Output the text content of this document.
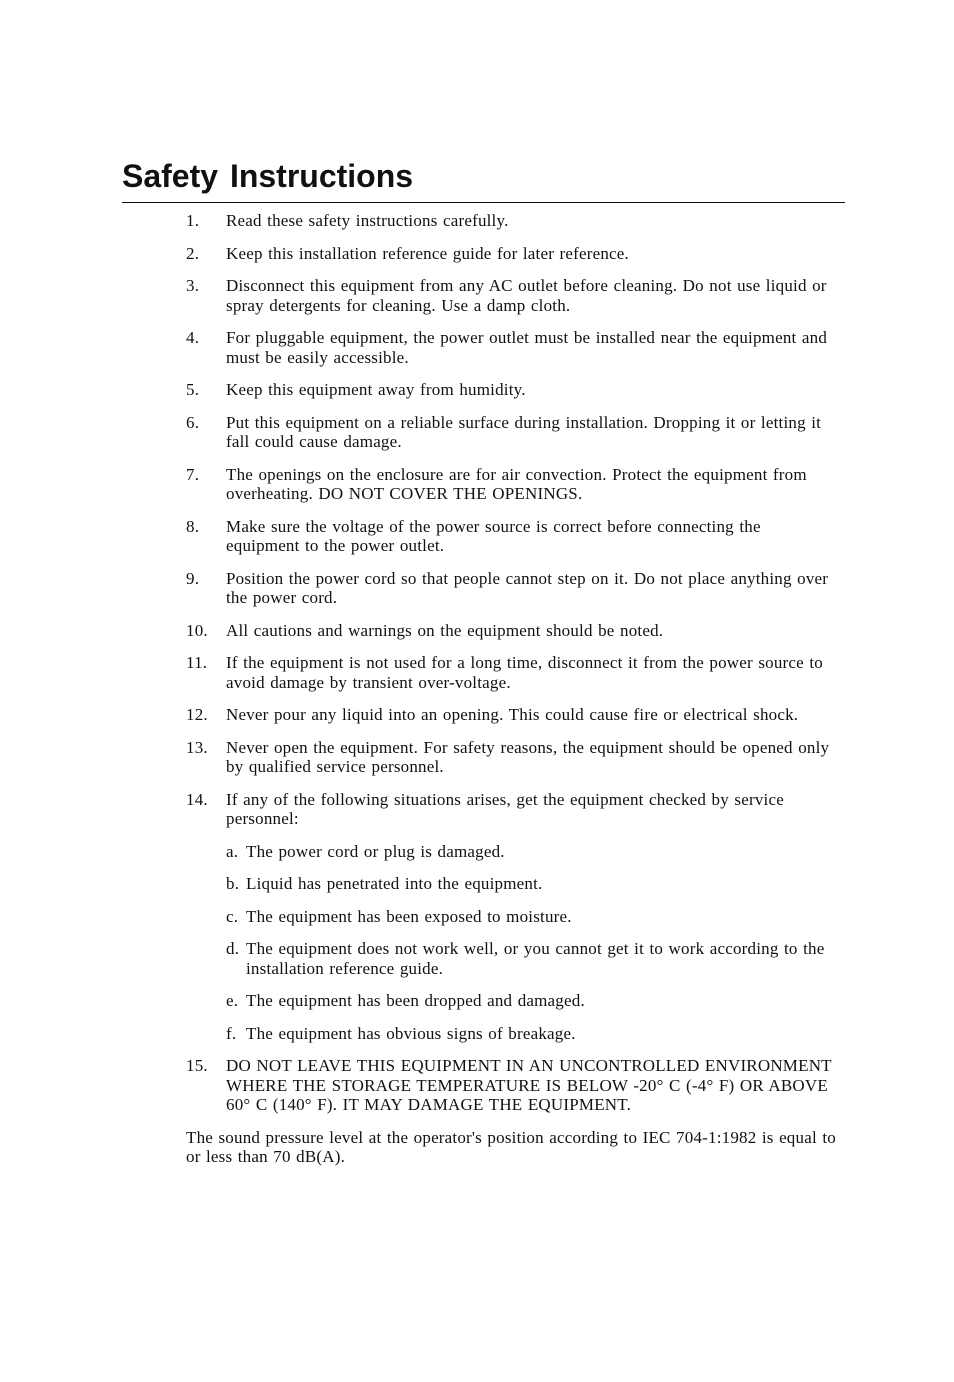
Safety Instructions
1. Read these safety instructions carefully.
2. Keep this installation reference guide for later reference.
3. Disconnect this equipment from any AC outlet before cleaning. Do not use liquid or spray detergents for cleaning. Use a damp cloth.
4. For pluggable equipment, the power outlet must be installed near the equipment and must be easily accessible.
5. Keep this equipment away from humidity.
6. Put this equipment on a reliable surface during installation. Dropping it or letting it fall could cause damage.
7. The openings on the enclosure are for air convection. Protect the equipment from overheating. DO NOT COVER THE OPENINGS.
8. Make sure the voltage of the power source is correct before connecting the equipment to the power outlet.
9. Position the power cord so that people cannot step on it. Do not place anything over the power cord.
10. All cautions and warnings on the equipment should be noted.
11. If the equipment is not used for a long time, disconnect it from the power source to avoid damage by transient over-voltage.
12. Never pour any liquid into an opening. This could cause fire or electrical shock.
13. Never open the equipment. For safety reasons, the equipment should be opened only by qualified service personnel.
14. If any of the following situations arises, get the equipment checked by service personnel:
a. The power cord or plug is damaged.
b. Liquid has penetrated into the equipment.
c. The equipment has been exposed to moisture.
d. The equipment does not work well, or you cannot get it to work according to the installation reference guide.
e. The equipment has been dropped and damaged.
f. The equipment has obvious signs of breakage.
15. DO NOT LEAVE THIS EQUIPMENT IN AN UNCONTROLLED ENVIRONMENT WHERE THE STORAGE TEMPERATURE IS BELOW -20° C (-4° F) OR ABOVE 60° C (140° F). IT MAY DAMAGE THE EQUIPMENT.
The sound pressure level at the operator's position according to IEC 704-1:1982 is equal to or less than 70 dB(A).
